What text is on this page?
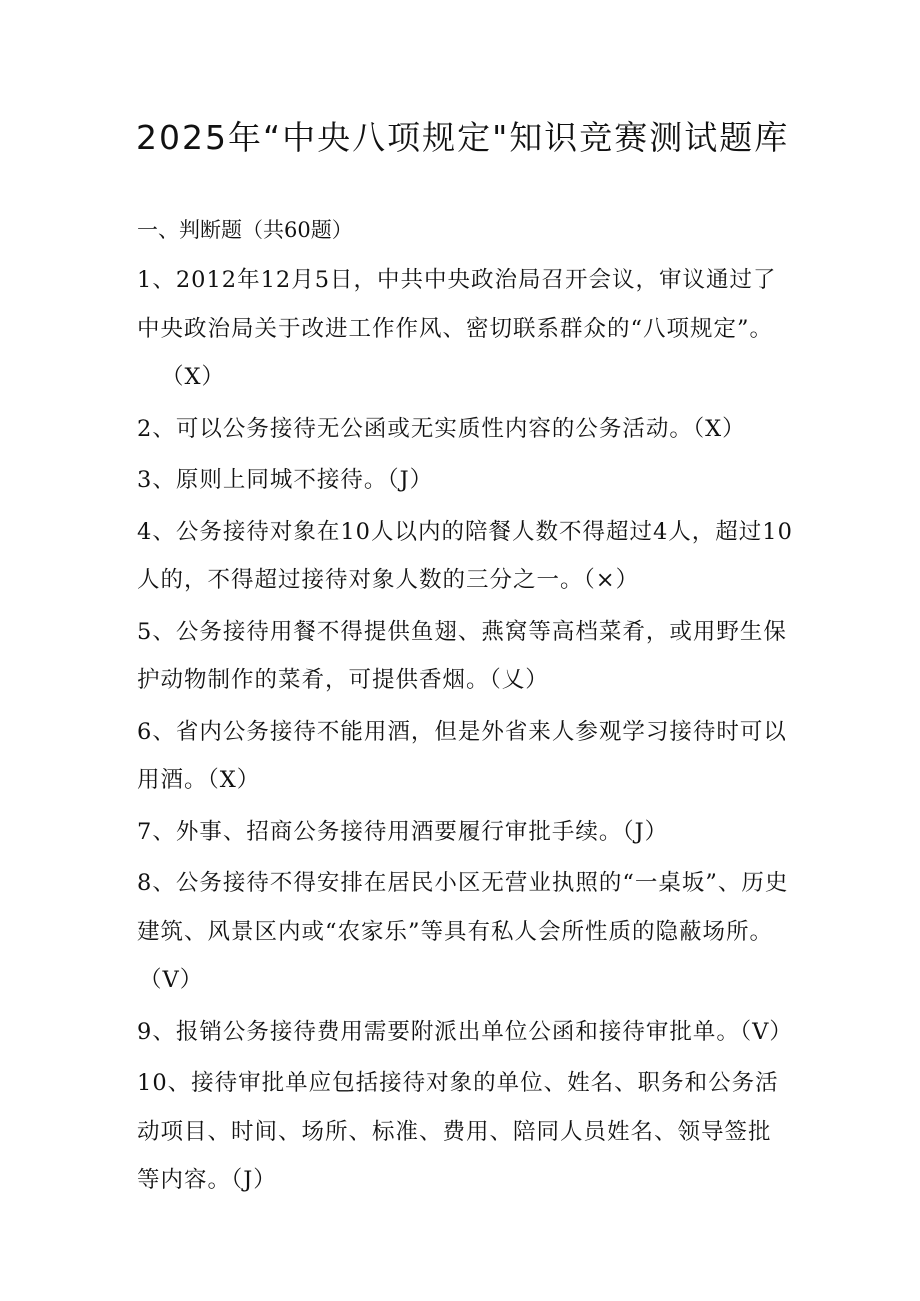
2025年“中央八项规定"知识竞赛测试题库
一、判断题（共60题）
1、2012年12月5日，中共中央政治局召开会议，审议通过了中央政治局关于改进工作作风、密切联系群众的“八项规定”。
（X）
2、可以公务接待无公函或无实质性内容的公务活动。（X）
3、原则上同城不接待。（J）
4、公务接待对象在10人以内的陪餐人数不得超过4人，超过10人的，不得超过接待对象人数的三分之一。（×）
5、公务接待用餐不得提供鱼翅、燕窝等高档菜肴，或用野生保护动物制作的菜肴，可提供香烟。（乂）
6、省内公务接待不能用酒，但是外省来人参观学习接待时可以用酒。（X）
7、外事、招商公务接待用酒要履行审批手续。（J）
8、公务接待不得安排在居民小区无营业执照的“一桌坂”、历史建筑、风景区内或“农家乐”等具有私人会所性质的隐蔽场所。
（V）
9、报销公务接待费用需要附派出单位公函和接待审批单。（V）
10、接待审批单应包括接待对象的单位、姓名、职务和公务活动项目、时间、场所、标准、费用、陪同人员姓名、领导签批等内容。（J）
